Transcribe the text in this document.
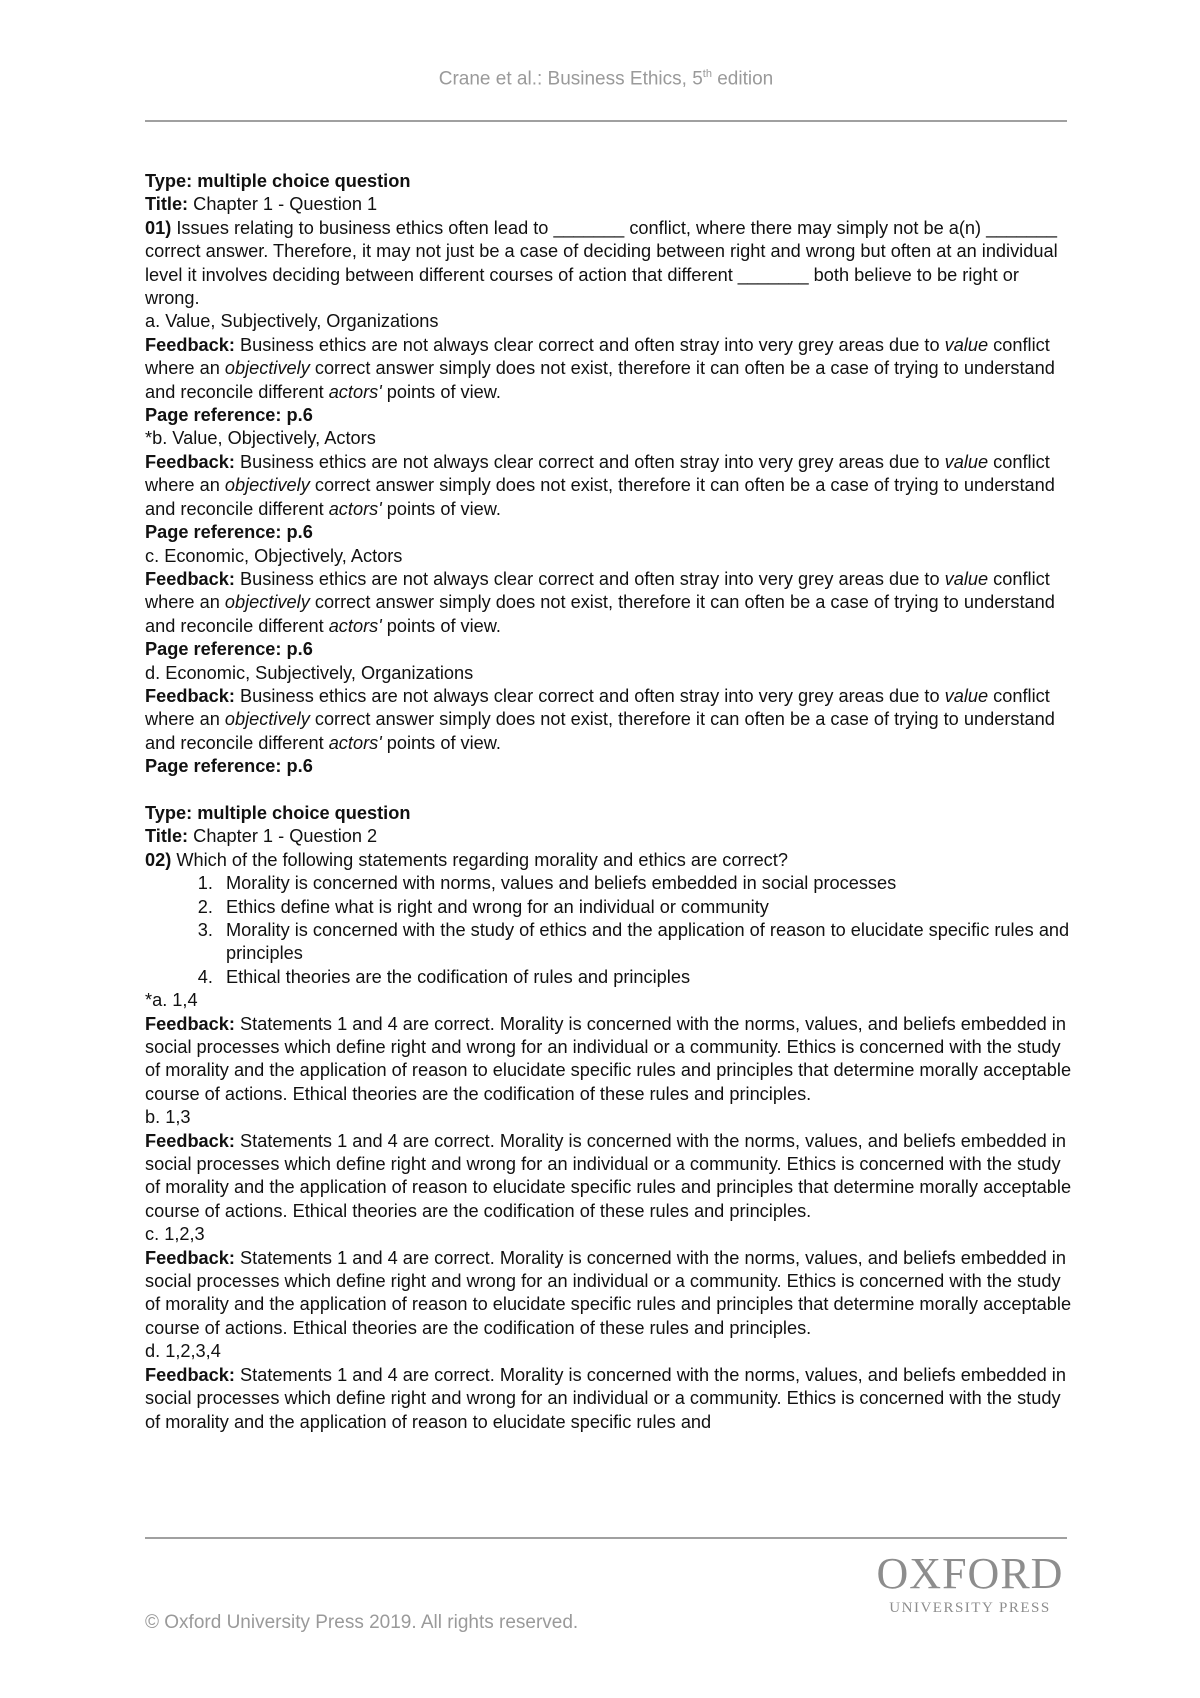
Crane et al.: Business Ethics, 5th edition

Type: multiple choice question

Title: Chapter 1 - Question 1

01) Issues relating to business ethics often lead to _______ conflict, where there may simply not be a(n) _______ correct answer. Therefore, it may not just be a case of deciding between right and wrong but often at an individual level it involves deciding between different courses of action that different _______ both believe to be right or wrong.

a. Value, Subjectively, Organizations

Feedback: Business ethics are not always clear correct and often stray into very grey areas due to value conflict where an objectively correct answer simply does not exist, therefore it can often be a case of trying to understand and reconcile different actors' points of view.

Page reference: p.6

*b. Value, Objectively, Actors

Feedback: Business ethics are not always clear correct and often stray into very grey areas due to value conflict where an objectively correct answer simply does not exist, therefore it can often be a case of trying to understand and reconcile different actors' points of view.

Page reference: p.6

c. Economic, Objectively, Actors

Feedback: Business ethics are not always clear correct and often stray into very grey areas due to value conflict where an objectively correct answer simply does not exist, therefore it can often be a case of trying to understand and reconcile different actors' points of view.

Page reference: p.6

d. Economic, Subjectively, Organizations

Feedback: Business ethics are not always clear correct and often stray into very grey areas due to value conflict where an objectively correct answer simply does not exist, therefore it can often be a case of trying to understand and reconcile different actors' points of view.

Page reference: p.6

Type: multiple choice question

Title: Chapter 1 - Question 2

02) Which of the following statements regarding morality and ethics are correct?

1. Morality is concerned with norms, values and beliefs embedded in social processes
2. Ethics define what is right and wrong for an individual or community
3. Morality is concerned with the study of ethics and the application of reason to elucidate specific rules and principles
4. Ethical theories are the codification of rules and principles

*a. 1,4

Feedback: Statements 1 and 4 are correct. Morality is concerned with the norms, values, and beliefs embedded in social processes which define right and wrong for an individual or a community. Ethics is concerned with the study of morality and the application of reason to elucidate specific rules and principles that determine morally acceptable course of actions. Ethical theories are the codification of these rules and principles.

b. 1,3

Feedback: Statements 1 and 4 are correct. Morality is concerned with the norms, values, and beliefs embedded in social processes which define right and wrong for an individual or a community. Ethics is concerned with the study of morality and the application of reason to elucidate specific rules and principles that determine morally acceptable course of actions. Ethical theories are the codification of these rules and principles.

c. 1,2,3

Feedback: Statements 1 and 4 are correct. Morality is concerned with the norms, values, and beliefs embedded in social processes which define right and wrong for an individual or a community. Ethics is concerned with the study of morality and the application of reason to elucidate specific rules and principles that determine morally acceptable course of actions. Ethical theories are the codification of these rules and principles.

d. 1,2,3,4

Feedback: Statements 1 and 4 are correct. Morality is concerned with the norms, values, and beliefs embedded in social processes which define right and wrong for an individual or a community. Ethics is concerned with the study of morality and the application of reason to elucidate specific rules and

OXFORD
UNIVERSITY PRESS
© Oxford University Press 2019. All rights reserved.
